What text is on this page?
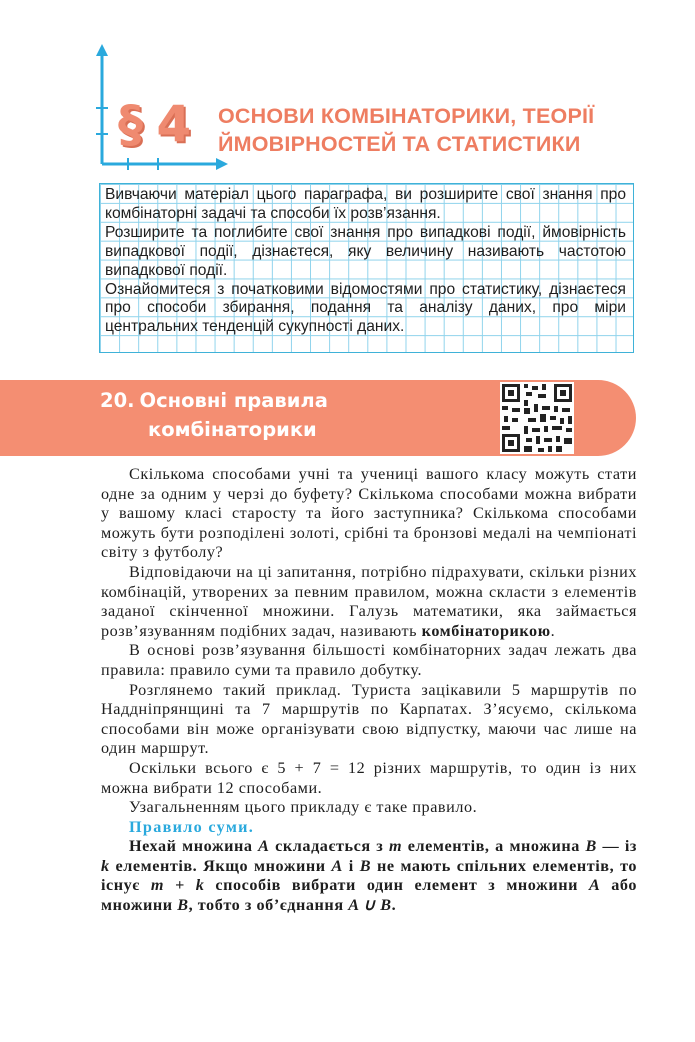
§ 4 ОСНОВИ КОМБІНАТОРИКИ, ТЕОРІЇ
ЙМОВІРНОСТЕЙ ТА СТАТИСТИКИ

Вивчаючи матеріал цього параграфа, ви розширите свої знання про комбінаторні задачі та способи їх розв’язання.

Розширите та поглибите свої знання про випадкові події, ймовірність випадкової події, дізнаєтеся, яку величину називають частотою випадкової події.

Ознайомитеся з початковими відомостями про статистику, дізнаєтеся про способи збирання, подання та аналізу даних, про міри центральних тенденцій сукупності даних.

20. Основні правила
комбінаторики

Скількома способами учні та учениці вашого класу можуть стати одне за одним у черзі до буфету? Скількома способами можна вибрати у вашому класі старосту та його заступника? Скількома способами можуть бути розподілені золоті, срібні та бронзові медалі на чемпіонаті світу з футболу?

Відповідаючи на ці запитання, потрібно підрахувати, скільки різних комбінацій, утворених за певним правилом, можна скласти з елементів заданої скінченної множини. Галузь математики, яка займається розв’язуванням подібних задач, називають комбінаторикою.

В основі розв’язування більшості комбінаторних задач лежать два правила: правило суми та правило добутку.

Розглянемо такий приклад. Туриста зацікавили 5 маршрутів по Наддніпрянщині та 7 маршрутів по Карпатах. З’ясуємо, скількома способами він може організувати свою відпустку, маючи час лише на один маршрут.

Оскільки всього є 5 + 7 = 12 різних маршрутів, то один із них можна вибрати 12 способами.

Узагальненням цього прикладу є таке правило.

Правило суми.

Нехай множина A складається з m елементів, а множина B — із k елементів. Якщо множини A і B не мають спільних елементів, то існує m + k способів вибрати один елемент з множини A або множини B, тобто з об’єднання A ∪ B.
